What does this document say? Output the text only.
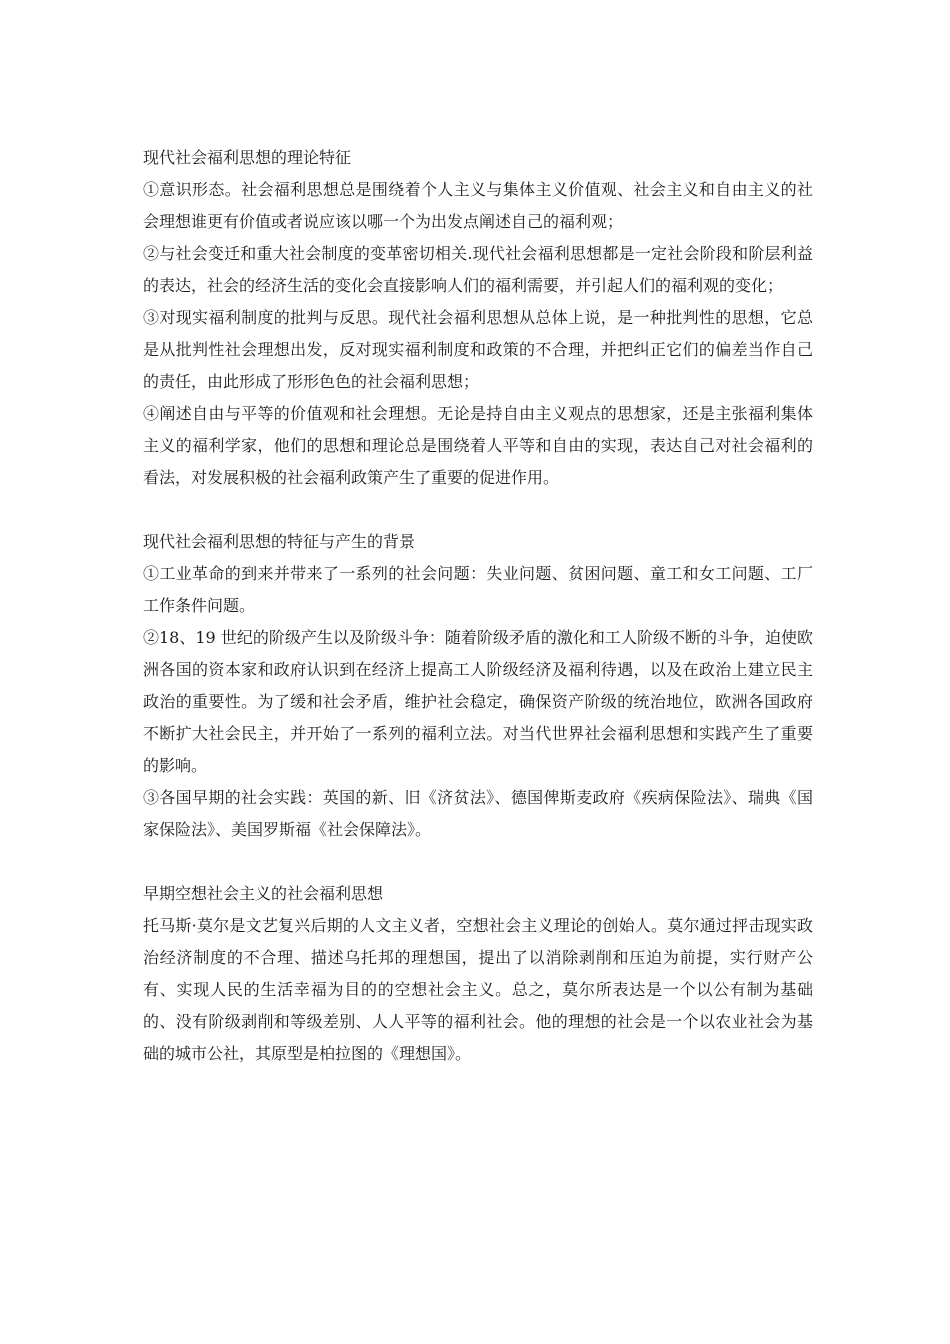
现代社会福利思想的理论特征

①意识形态。社会福利思想总是围绕着个人主义与集体主义价值观、社会主义和自由主义的社会理想谁更有价值或者说应该以哪一个为出发点阐述自己的福利观；

②与社会变迁和重大社会制度的变革密切相关.现代社会福利思想都是一定社会阶段和阶层利益的表达，社会的经济生活的变化会直接影响人们的福利需要，并引起人们的福利观的变化；

③对现实福利制度的批判与反思。现代社会福利思想从总体上说，是一种批判性的思想，它总是从批判性社会理想出发，反对现实福利制度和政策的不合理，并把纠正它们的偏差当作自己的责任，由此形成了形形色色的社会福利思想；

④阐述自由与平等的价值观和社会理想。无论是持自由主义观点的思想家，还是主张福利集体主义的福利学家，他们的思想和理论总是围绕着人平等和自由的实现，表达自己对社会福利的看法，对发展积极的社会福利政策产生了重要的促进作用。

现代社会福利思想的特征与产生的背景

①工业革命的到来并带来了一系列的社会问题：失业问题、贫困问题、童工和女工问题、工厂工作条件问题。

②18、19 世纪的阶级产生以及阶级斗争：随着阶级矛盾的激化和工人阶级不断的斗争，迫使欧洲各国的资本家和政府认识到在经济上提高工人阶级经济及福利待遇，以及在政治上建立民主政治的重要性。为了缓和社会矛盾，维护社会稳定，确保资产阶级的统治地位，欧洲各国政府不断扩大社会民主，并开始了一系列的福利立法。对当代世界社会福利思想和实践产生了重要的影响。

③各国早期的社会实践：英国的新、旧《济贫法》、德国俾斯麦政府《疾病保险法》、瑞典《国家保险法》、美国罗斯福《社会保障法》。

早期空想社会主义的社会福利思想

托马斯·莫尔是文艺复兴后期的人文主义者，空想社会主义理论的创始人。莫尔通过抨击现实政治经济制度的不合理、描述乌托邦的理想国，提出了以消除剥削和压迫为前提，实行财产公有、实现人民的生活幸福为目的的空想社会主义。总之，莫尔所表达是一个以公有制为基础的、没有阶级剥削和等级差别、人人平等的福利社会。他的理想的社会是一个以农业社会为基础的城市公社，其原型是柏拉图的《理想国》。
